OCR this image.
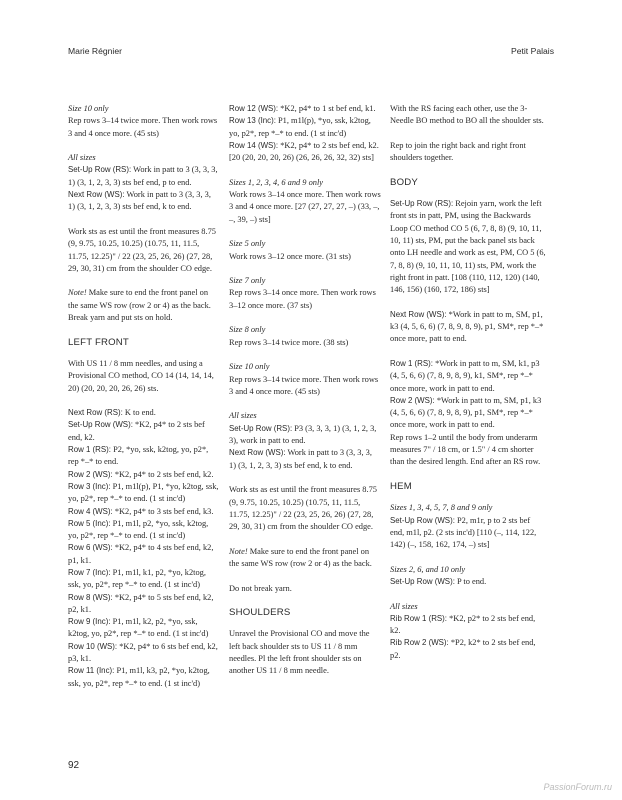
Marie Régnier	Petit Palais

Size 10 only

Rep rows 3–14 twice more. Then work rows 3 and 4 once more. (45 sts)

All sizes

Set-Up Row (RS): Work in patt to 3 (3, 3, 3, 1) (3, 1, 2, 3, 3) sts bef end, p to end.

Next Row (WS): Work in patt to 3 (3, 3, 3, 1) (3, 1, 2, 3, 3) sts bef end, k to end.

Work sts as est until the front measures 8.75 (9, 9.75, 10.25, 10.25) (10.75, 11, 11.5, 11.75, 12.25)" / 22 (23, 25, 26, 26) (27, 28, 29, 30, 31) cm from the shoulder CO edge.

Note! Make sure to end the front panel on the same WS row (row 2 or 4) as the back.

Break yarn and put sts on hold.

LEFT FRONT

With US 11 / 8 mm needles, and using a Provisional CO method, CO 14 (14, 14, 14, 20) (20, 20, 20, 26, 26) sts.

Next Row (RS): K to end.

Set-Up Row (WS): *K2, p4* to 2 sts bef end, k2.

Row 1 (RS): P2, *yo, ssk, k2tog, yo, p2*, rep *–* to end.

Row 2 (WS): *K2, p4* to 2 sts bef end, k2.

Row 3 (Inc): P1, m1l(p), P1, *yo, k2tog, ssk, yo, p2*, rep *–* to end. (1 st inc'd)

Row 4 (WS): *K2, p4* to 3 sts bef end, k3.

Row 5 (Inc): P1, m1l, p2, *yo, ssk, k2tog, yo, p2*, rep *–* to end. (1 st inc'd)

Row 6 (WS): *K2, p4* to 4 sts bef end, k2, p1, k1.

Row 7 (Inc): P1, m1l, k1, p2, *yo, k2tog, ssk, yo, p2*, rep *–* to end. (1 st inc'd)

Row 8 (WS): *K2, p4* to 5 sts bef end, k2, p2, k1.

Row 9 (Inc): P1, m1l, k2, p2, *yo, ssk, k2tog, yo, p2*, rep *–* to end. (1 st inc'd)

Row 10 (WS): *K2, p4* to 6 sts bef end, k2, p3, k1.

Row 11 (Inc): P1, m1l, k3, p2, *yo, k2tog, ssk, yo, p2*, rep *–* to end. (1 st inc'd)

Row 12 (WS): *K2, p4* to 1 st bef end, k1.

Row 13 (Inc): P1, m1l(p), *yo, ssk, k2tog, yo, p2*, rep *–* to end. (1 st inc'd)

Row 14 (WS): *K2, p4* to 2 sts bef end, k2.

[20 (20, 20, 20, 26) (26, 26, 26, 32, 32) sts]

Sizes 1, 2, 3, 4, 6 and 9 only

Work rows 3–14 once more. Then work rows 3 and 4 once more. [27 (27, 27, 27, –) (33, –, –, 39, –) sts]

Size 5 only

Work rows 3–12 once more. (31 sts)

Size 7 only

Rep rows 3–14 once more. Then work rows 3–12 once more. (37 sts)

Size 8 only

Rep rows 3–14 twice more. (38 sts)

Size 10 only

Rep rows 3–14 twice more. Then work rows 3 and 4 once more. (45 sts)

All sizes

Set-Up Row (RS): P3 (3, 3, 3, 1) (3, 1, 2, 3, 3), work in patt to end.

Next Row (WS): Work in patt to 3 (3, 3, 3, 1) (3, 1, 2, 3, 3) sts bef end, k to end.

Work sts as est until the front measures 8.75 (9, 9.75, 10.25, 10.25) (10.75, 11, 11.5, 11.75, 12.25)" / 22 (23, 25, 26, 26) (27, 28, 29, 30, 31) cm from the shoulder CO edge.

Note! Make sure to end the front panel on the same WS row (row 2 or 4) as the back.

Do not break yarn.

SHOULDERS

Unravel the Provisional CO and move the left back shoulder sts to US 11 / 8 mm needles. Pl the left front shoulder sts on another US 11 / 8 mm needle.

With the RS facing each other, use the 3-Needle BO method to BO all the shoulder sts.

Rep to join the right back and right front shoulders together.

BODY

Set-Up Row (RS): Rejoin yarn, work the left front sts in patt, PM, using the Backwards Loop CO method CO 5 (6, 7, 8, 8) (9, 10, 11, 10, 11) sts, PM, put the back panel sts back onto LH needle and work as est, PM, CO 5 (6, 7, 8, 8) (9, 10, 11, 10, 11) sts, PM, work the right front in patt. [108 (110, 112, 120) (140, 146, 156) (160, 172, 186) sts]

Next Row (WS): *Work in patt to m, SM, p1, k3 (4, 5, 6, 6) (7, 8, 9, 8, 9), p1, SM*, rep *–* once more, patt to end.

Row 1 (RS): *Work in patt to m, SM, k1, p3 (4, 5, 6, 6) (7, 8, 9, 8, 9), k1, SM*, rep *–* once more, work in patt to end.

Row 2 (WS): *Work in patt to m, SM, p1, k3 (4, 5, 6, 6) (7, 8, 9, 8, 9), p1, SM*, rep *–* once more, work in patt to end.

Rep rows 1–2 until the body from underarm measures 7" / 18 cm, or 1.5" / 4 cm shorter than the desired length. End after an RS row.

HEM

Sizes 1, 3, 4, 5, 7, 8 and 9 only

Set-Up Row (WS): P2, m1r, p to 2 sts bef end, m1l, p2. (2 sts inc'd) [110 (–, 114, 122, 142) (–, 158, 162, 174, –) sts]

Sizes 2, 6, and 10 only

Set-Up Row (WS): P to end.

All sizes

Rib Row 1 (RS): *K2, p2* to 2 sts bef end, k2.

Rib Row 2 (WS): *P2, k2* to 2 sts bef end, p2.

92
PassionForum.ru
